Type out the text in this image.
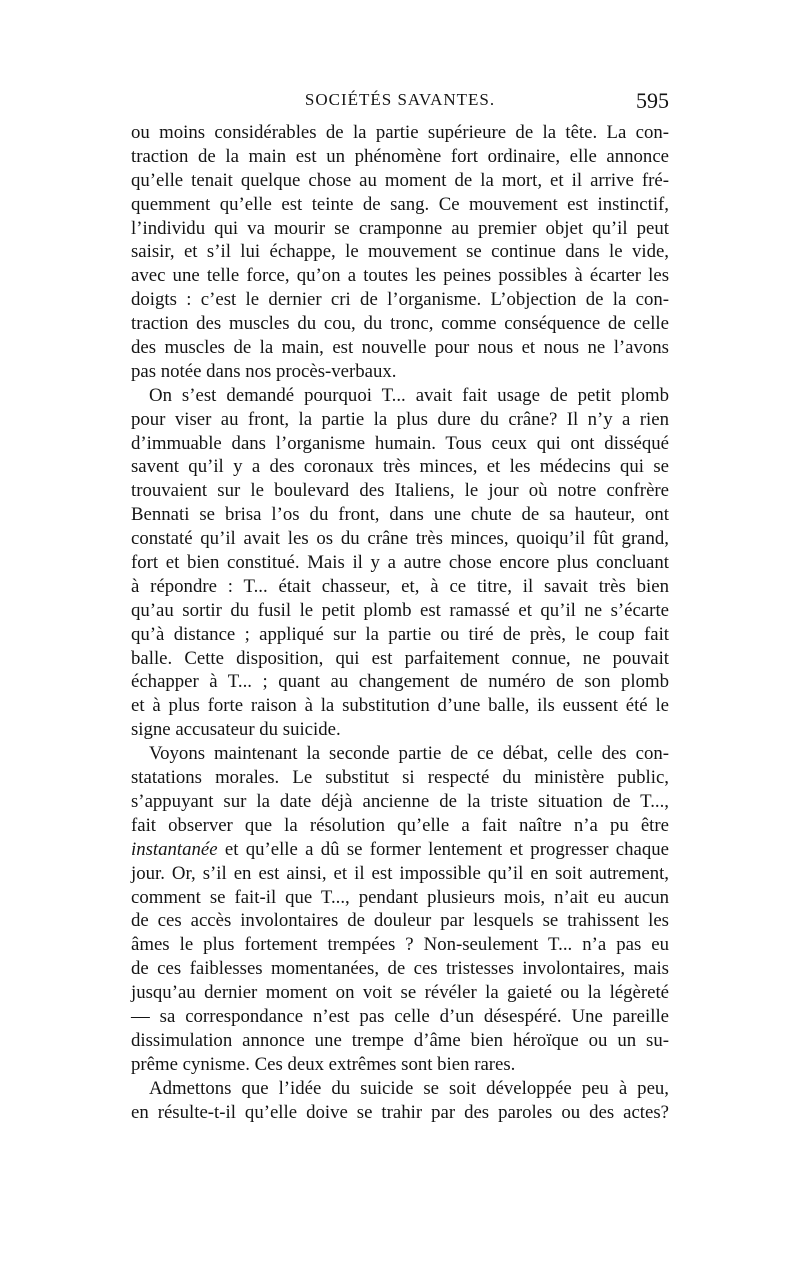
SOCIÉTÉS SAVANTES.	595
ou moins considérables de la partie supérieure de la tête. La con-
traction de la main est un phénomène fort ordinaire, elle annonce
qu’elle tenait quelque chose au moment de la mort, et il arrive fré-
quemment qu’elle est teinte de sang. Ce mouvement est instinctif,
l’individu qui va mourir se cramponne au premier objet qu’il peut
saisir, et s’il lui échappe, le mouvement se continue dans le vide,
avec une telle force, qu’on a toutes les peines possibles à écarter les
doigts : c’est le dernier cri de l’organisme. L’objection de la con-
traction des muscles du cou, du tronc, comme conséquence de celle
des muscles de la main, est nouvelle pour nous et nous ne l’avons
pas notée dans nos procès-verbaux.
On s’est demandé pourquoi T... avait fait usage de petit plomb
pour viser au front, la partie la plus dure du crâne? Il n’y a rien
d’immuable dans l’organisme humain. Tous ceux qui ont disséqué
savent qu’il y a des coronaux très minces, et les médecins qui se
trouvaient sur le boulevard des Italiens, le jour où notre confrère
Bennati se brisa l’os du front, dans une chute de sa hauteur, ont
constaté qu’il avait les os du crâne très minces, quoiqu’il fût grand,
fort et bien constitué. Mais il y a autre chose encore plus concluant
à répondre : T... était chasseur, et, à ce titre, il savait très bien
qu’au sortir du fusil le petit plomb est ramassé et qu’il ne s’écarte
qu’à distance ; appliqué sur la partie ou tiré de près, le coup fait
balle. Cette disposition, qui est parfaitement connue, ne pouvait
échapper à T... ; quant au changement de numéro de son plomb
et à plus forte raison à la substitution d’une balle, ils eussent été le
signe accusateur du suicide.
Voyons maintenant la seconde partie de ce débat, celle des con-
statations morales. Le substitut si respecté du ministère public,
s’appuyant sur la date déjà ancienne de la triste situation de T...,
fait observer que la résolution qu’elle a fait naître n’a pu être
instantanée et qu’elle a dû se former lentement et progresser chaque
jour. Or, s’il en est ainsi, et il est impossible qu’il en soit autrement,
comment se fait-il que T..., pendant plusieurs mois, n’ait eu aucun
de ces accès involontaires de douleur par lesquels se trahissent les
âmes le plus fortement trempées ? Non-seulement T... n’a pas eu
de ces faiblesses momentanées, de ces tristesses involontaires, mais
jusqu’au dernier moment on voit se révéler la gaieté ou la légèreté
— sa correspondance n’est pas celle d’un désespéré. Une pareille
dissimulation annonce une trempe d’âme bien héroïque ou un su-
prême cynisme. Ces deux extrêmes sont bien rares.
Admettons que l’idée du suicide se soit développée peu à peu,
en résulte-t-il qu’elle doive se trahir par des paroles ou des actes?
